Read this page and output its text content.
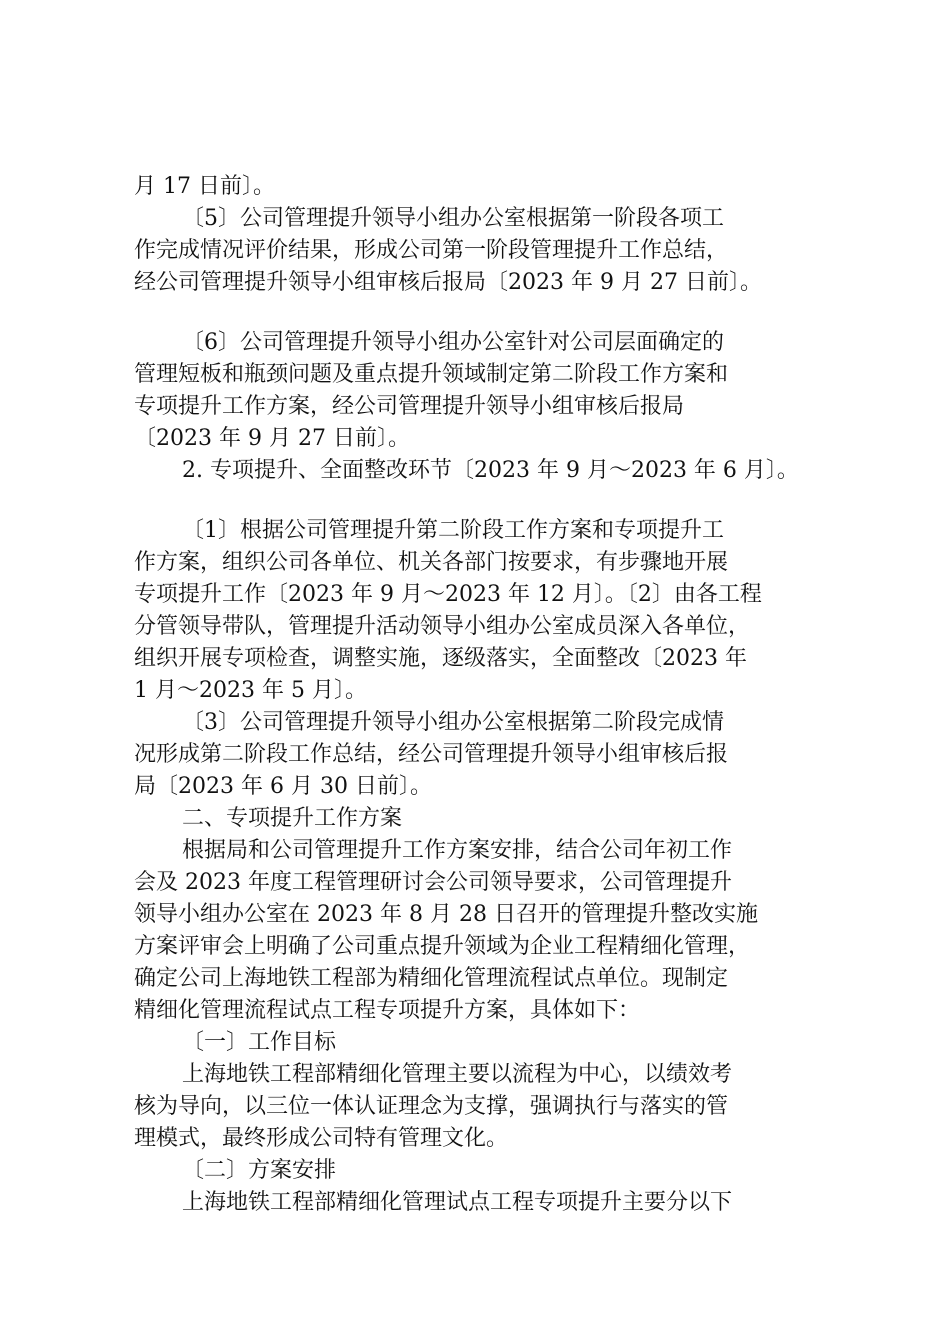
月 17 日前〕。
〔5〕公司管理提升领导小组办公室根据第一阶段各项工
作完成情况评价结果，形成公司第一阶段管理提升工作总结，
经公司管理提升领导小组审核后报局〔2023 年 9 月 27 日前〕。
〔6〕公司管理提升领导小组办公室针对公司层面确定的
管理短板和瓶颈问题及重点提升领域制定第二阶段工作方案和
专项提升工作方案，经公司管理提升领导小组审核后报局
〔2023 年 9 月 27 日前〕。
2. 专项提升、全面整改环节〔2023 年 9 月～2023 年 6 月〕。
〔1〕根据公司管理提升第二阶段工作方案和专项提升工
作方案，组织公司各单位、机关各部门按要求，有步骤地开展
专项提升工作〔2023 年 9 月～2023 年 12 月〕。〔2〕由各工程
分管领导带队，管理提升活动领导小组办公室成员深入各单位，
组织开展专项检查，调整实施，逐级落实，全面整改〔2023 年
1 月～2023 年 5 月〕。
〔3〕公司管理提升领导小组办公室根据第二阶段完成情
况形成第二阶段工作总结，经公司管理提升领导小组审核后报
局〔2023 年 6 月 30 日前〕。
二、专项提升工作方案
根据局和公司管理提升工作方案安排，结合公司年初工作
会及 2023 年度工程管理研讨会公司领导要求，公司管理提升
领导小组办公室在 2023 年 8 月 28 日召开的管理提升整改实施
方案评审会上明确了公司重点提升领域为企业工程精细化管理，
确定公司上海地铁工程部为精细化管理流程试点单位。现制定
精细化管理流程试点工程专项提升方案，具体如下：
〔一〕工作目标
上海地铁工程部精细化管理主要以流程为中心，以绩效考
核为导向，以三位一体认证理念为支撑，强调执行与落实的管
理模式，最终形成公司特有管理文化。
〔二〕方案安排
上海地铁工程部精细化管理试点工程专项提升主要分以下
